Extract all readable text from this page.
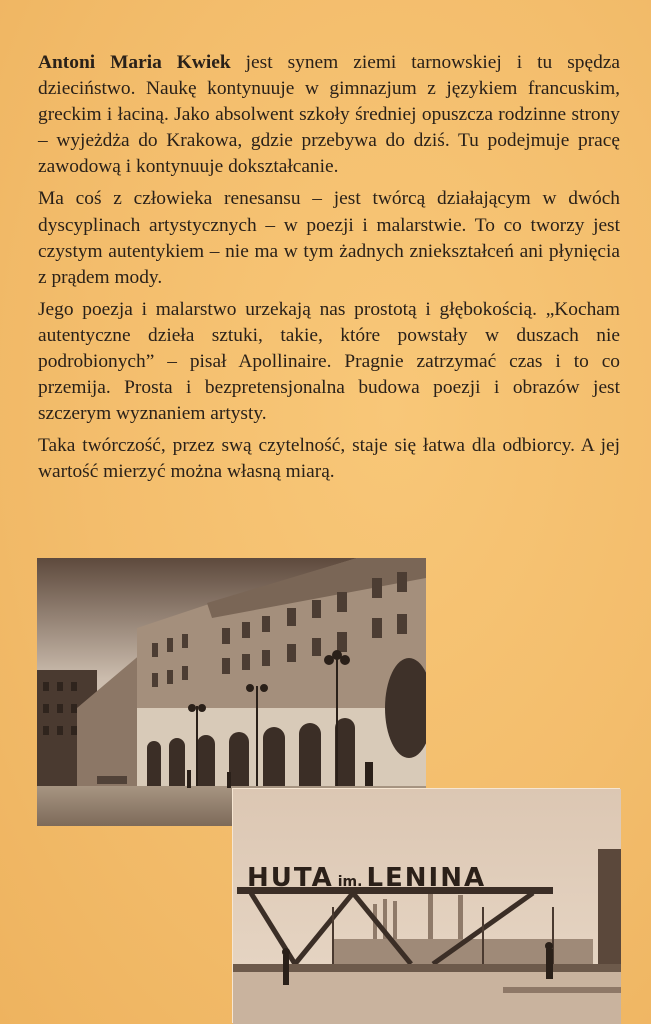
Antoni Maria Kwiek jest synem ziemi tarnowskiej i tu spędza dzieciństwo. Naukę kontynuuje w gimnazjum z językiem francuskim, greckim i łaciną. Jako absolwent szkoły średniej opuszcza rodzinne strony – wyjeżdża do Krakowa, gdzie przebywa do dziś. Tu podejmuje pracę zawodową i kontynuuje dokształcanie.

Ma coś z człowieka renesansu – jest twórcą działającym w dwóch dyscyplinach artystycznych – w poezji i malarstwie. To co tworzy jest czystym autentykiem – nie ma w tym żadnych zniekształceń ani płynięcia z prądem mody.

Jego poezja i malarstwo urzekają nas prostotą i głębokością. „Kocham autentyczne dzieła sztuki, takie, które powstały w duszach nie podrobionych” – pisał Apollinaire. Pragnie zatrzymać czas i to co przemija. Prosta i bezpretensjonalna budowa poezji i obrazów jest szczerym wyznaniem artysty.

Taka twórczość, przez swą czytelność, staje się łatwa dla odbiorcy. A jej wartość mierzyć można własną miarą.

HUTA im. LENINA
